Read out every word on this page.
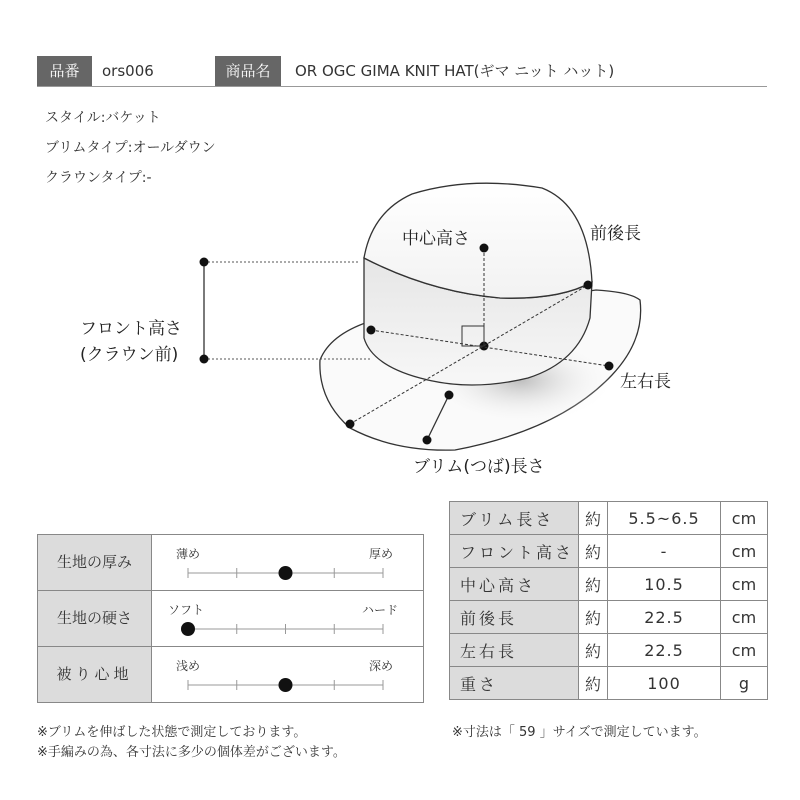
品番	ors006	商品名	OR OGC GIMA KNIT HAT(ギマ ニット ハット)
スタイル:バケット
ブリムタイプ:オールダウン
クラウンタイプ:-
中心高さ	前後長
フロント高さ
(クラウン前)
左右長
ブリム(つば)長さ
生地の厚み	薄め	厚め
生地の硬さ	ソフト	ハード
被り心地	浅め	深め
ブリム長さ	約	5.5~6.5	cm
フロント高さ	約	-	cm
中心高さ	約	10.5	cm
前後長	約	22.5	cm
左右長	約	22.5	cm
重さ	約	100	g
※ブリムを伸ばした状態で測定しております。
※手編みの為、各寸法に多少の個体差がございます。
※寸法は「 59 」サイズで測定しています。
